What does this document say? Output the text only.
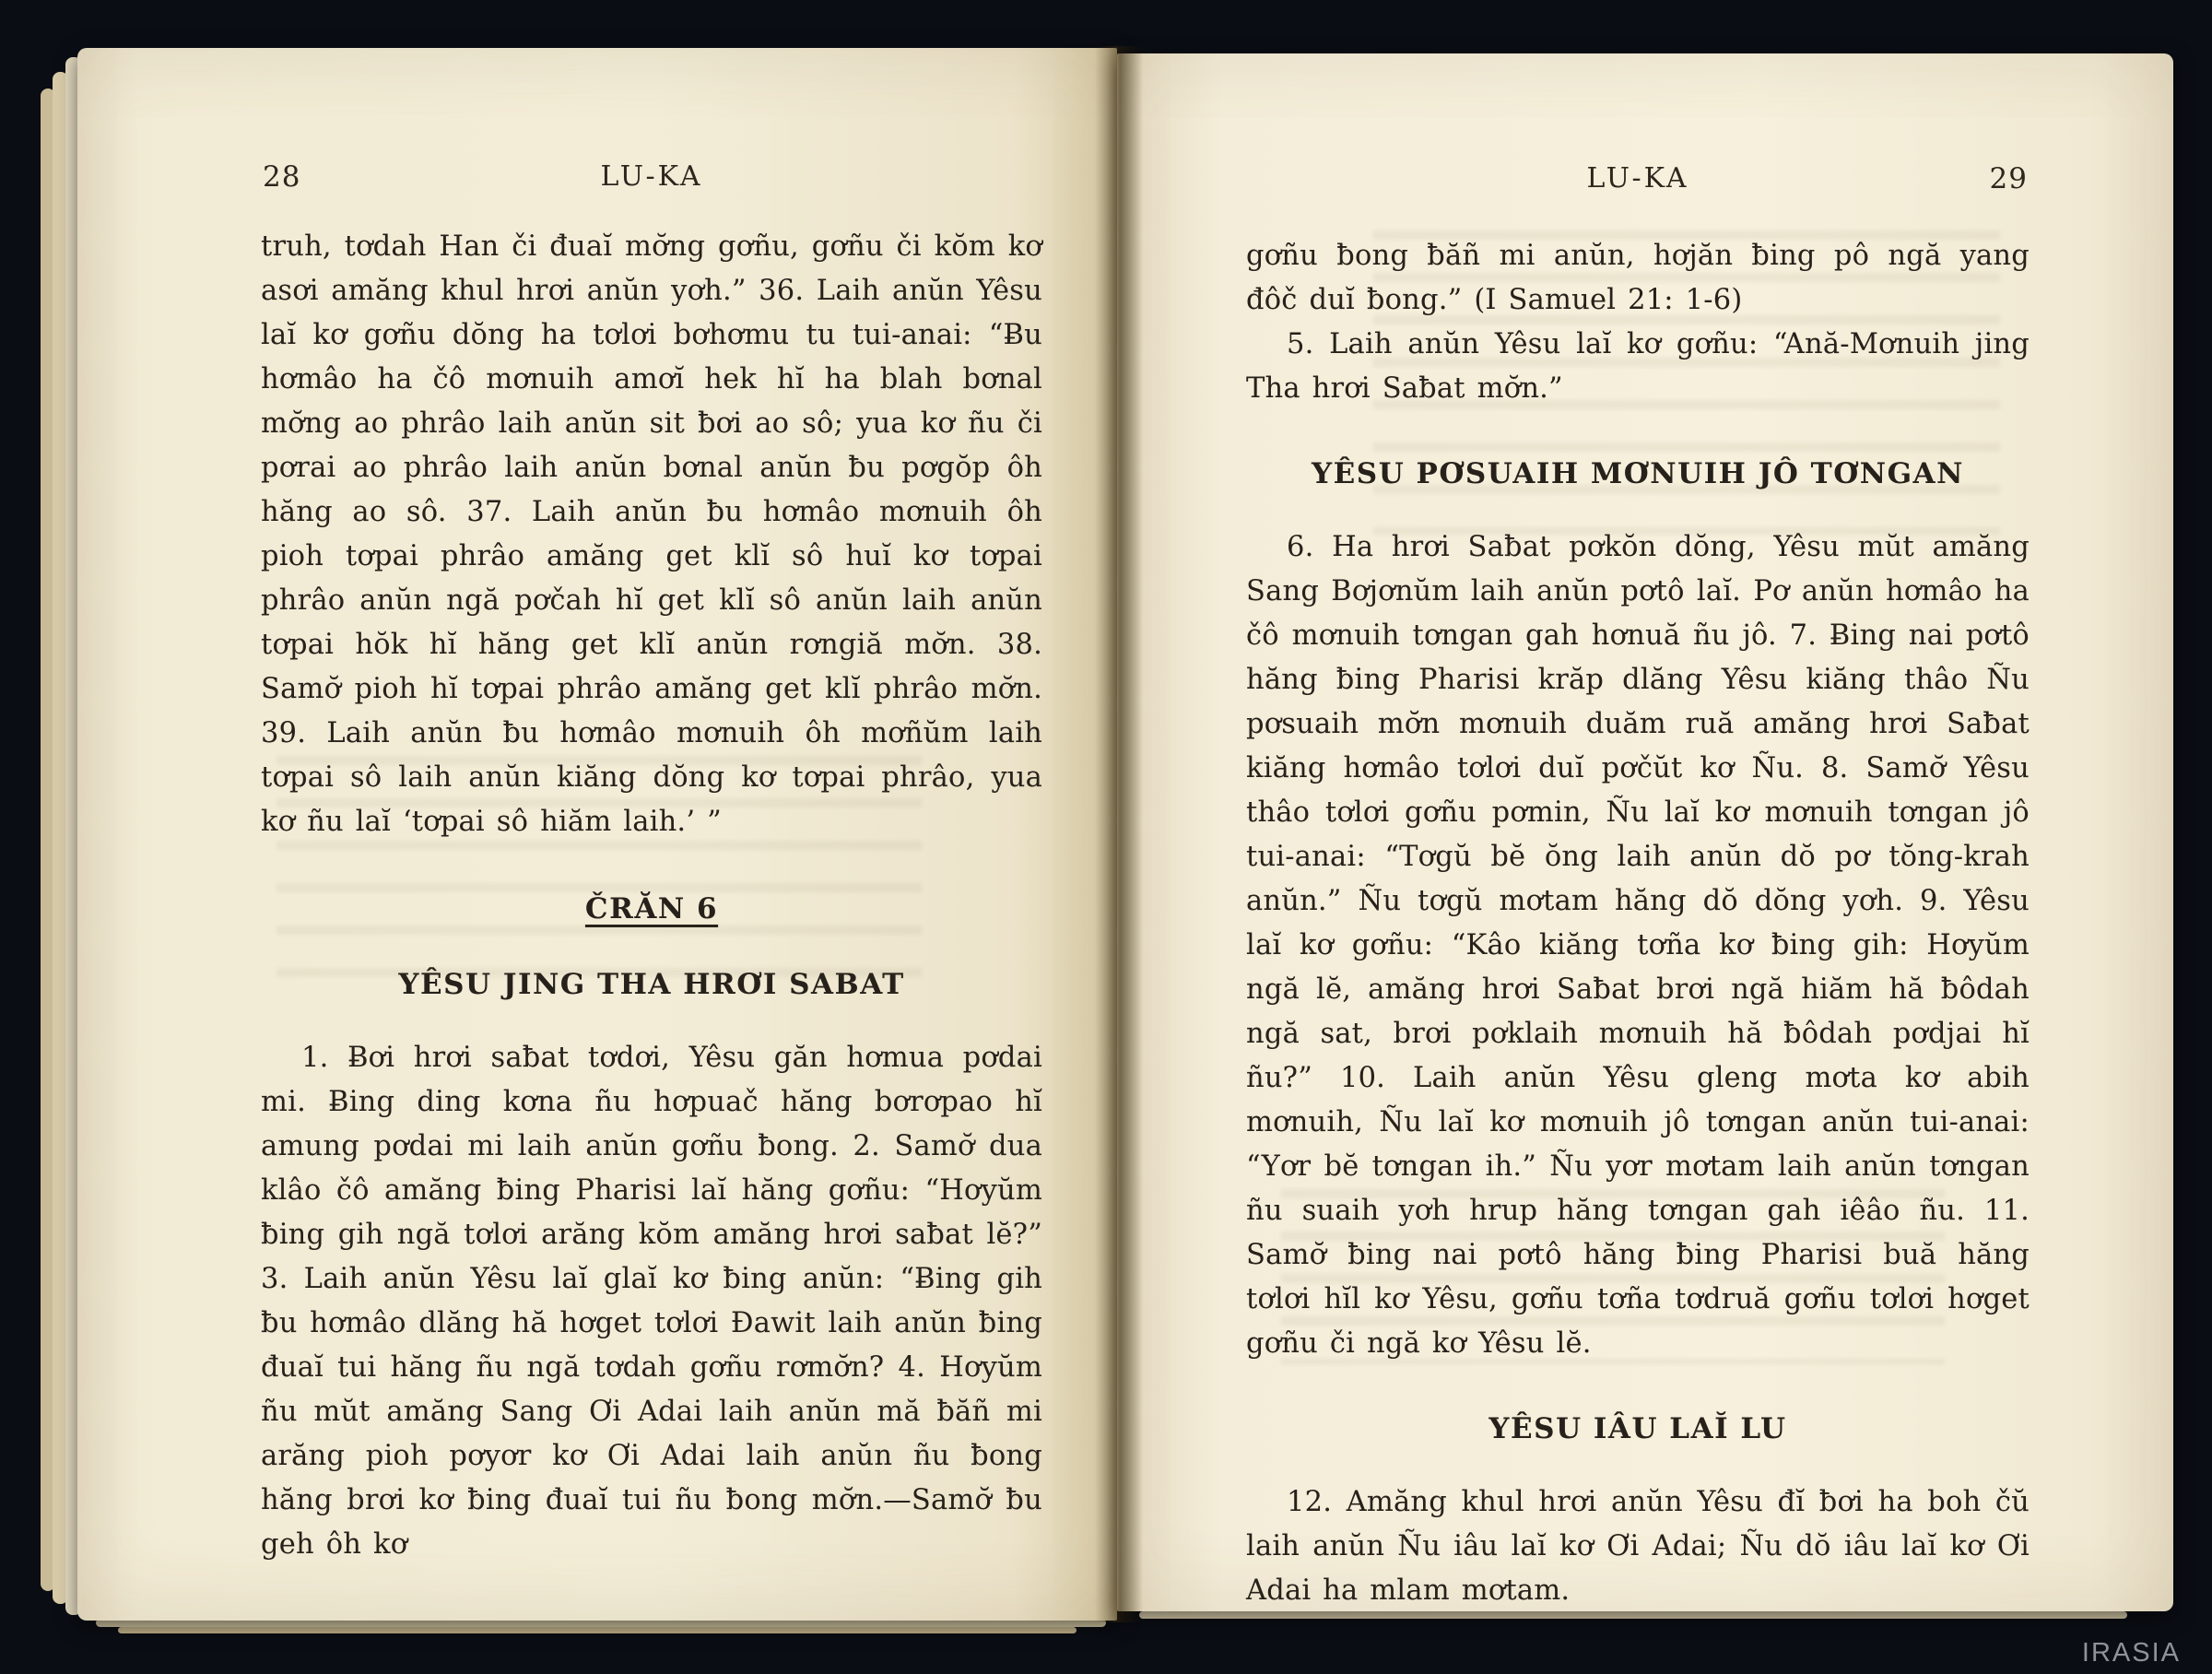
28	LU-KA

truh, tơdah Han či đuaĭ mơ̆ng gơñu, gơñu či kŏm kơ asơi amăng khul hrơi anŭn yơh.” 36. Laih anŭn Yêsu laĭ kơ gơñu dŏng ha tơlơi bơhơmu tu tui-anai: “Ƀu hơmâo ha čô mơnuih amơĭ hek hĭ ha blah bơnal mơ̆ng ao phrâo laih anŭn sit ƀơi ao sô; yua kơ ñu či pơrai ao phrâo laih anŭn bơnal anŭn ƀu pơgŏp ôh hăng ao sô. 37. Laih anŭn ƀu hơmâo mơnuih ôh pioh tơpai phrâo amăng get klĭ sô huĭ kơ tơpai phrâo anŭn ngă pơčah hĭ get klĭ sô anŭn laih anŭn tơpai hŏk hĭ hăng get klĭ anŭn rơngiă mơ̆n. 38. Samơ̆ pioh hĭ tơpai phrâo amăng get klĭ phrâo mơ̆n. 39. Laih anŭn ƀu hơmâo mơnuih ôh mơñŭm laih tơpai sô laih anŭn kiăng dŏng kơ tơpai phrâo, yua kơ ñu laĭ ‘tơpai sô hiăm laih.’ ”

ČRĂN 6
YÊSU JING THA HRƠI SABAT

1. Ƀơi hrơi saƀat tơdơi, Yêsu găn hơmua pơdai mi. Ƀing ding kơna ñu hơpuač hăng bơrơpao hĭ amung pơdai mi laih anŭn gơñu ƀong. 2. Samơ̆ dua klâo čô amăng ƀing Pharisi laĭ hăng gơñu: “Hơyŭm ƀing gih ngă tơlơi arăng kŏm amăng hrơi saƀat lĕ?” 3. Laih anŭn Yêsu laĭ glaĭ kơ ƀing anŭn: “Ƀing gih ƀu hơmâo dlăng hă hơget tơlơi Đawit laih anŭn ƀing đuaĭ tui hăng ñu ngă tơdah gơñu rơmơ̆n? 4. Hơyŭm ñu mŭt amăng Sang Ơi Adai laih anŭn mă ƀăñ mi arăng pioh pơyơr kơ Ơi Adai laih anŭn ñu ƀong hăng brơi kơ ƀing đuaĭ tui ñu ƀong mơ̆n.—Samơ̆ ƀu geh ôh kơ

LU-KA	29

gơñu ƀong ƀăñ mi anŭn, hơjăn ƀing pô ngă yang đôč duĭ ƀong.” (I Samuel 21: 1-6)

5. Laih anŭn Yêsu laĭ kơ gơñu: “Ană-Mơnuih jing Tha hrơi Saƀat mơ̆n.”

YÊSU PƠSUAIH MƠNUIH JÔ TƠNGAN

6. Ha hrơi Saƀat pơkŏn dŏng, Yêsu mŭt amăng Sang Bơjơnŭm laih anŭn pơtô laĭ. Pơ anŭn hơmâo ha čô mơnuih tơngan gah hơnuă ñu jô. 7. Ƀing nai pơtô hăng ƀing Pharisi krăp dlăng Yêsu kiăng thâo Ñu pơsuaih mơ̆n mơnuih duăm ruă amăng hrơi Saƀat kiăng hơmâo tơlơi duĭ pơčŭt kơ Ñu. 8. Samơ̆ Yêsu thâo tơlơi gơñu pơmin, Ñu laĭ kơ mơnuih tơngan jô tui-anai: “Tơgŭ bĕ ŏng laih anŭn dŏ pơ tŏng-krah anŭn.” Ñu tơgŭ mơtam hăng dŏ dŏng yơh. 9. Yêsu laĭ kơ gơñu: “Kâo kiăng tơña kơ ƀing gih: Hơyŭm ngă lĕ, amăng hrơi Saƀat brơi ngă hiăm hă ƀôdah ngă sat, brơi pơklaih mơnuih hă ƀôdah pơdjai hĭ ñu?” 10. Laih anŭn Yêsu gleng mơta kơ abih mơnuih, Ñu laĭ kơ mơnuih jô tơngan anŭn tui-anai: “Yơr bĕ tơngan ih.” Ñu yơr mơtam laih anŭn tơngan ñu suaih yơh hrup hăng tơngan gah iêâo ñu. 11. Samơ̆ ƀing nai pơtô hăng ƀing Pharisi buă hăng tơlơi hĭl kơ Yêsu, gơñu tơña tơdruă gơñu tơlơi hơget gơñu či ngă kơ Yêsu lĕ.

YÊSU IÂU LAĬ LU

12. Amăng khul hrơi anŭn Yêsu đĭ ƀơi ha boh čŭ laih anŭn Ñu iâu laĭ kơ Ơi Adai; Ñu dŏ iâu laĭ kơ Ơi Adai ha mlam mơtam.

IRASIA
